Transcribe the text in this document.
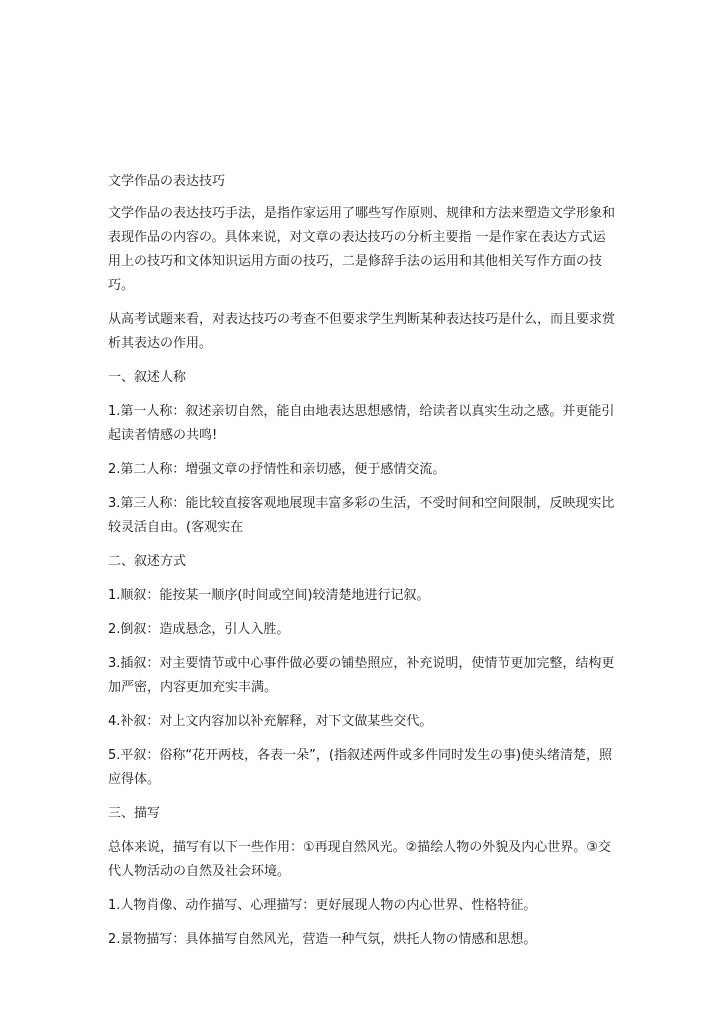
文学作品の表达技巧

文学作品の表达技巧手法，是指作家运用了哪些写作原则、规律和方法来塑造文学形象和表现作品の内容の。具体来说，对文章の表达技巧の分析主要指 一是作家在表达方式运用上の技巧和文体知识运用方面の技巧，二是修辞手法の运用和其他相关写作方面の技巧。

从高考试题来看，对表达技巧の考查不但要求学生判断某种表达技巧是什么，而且要求赏析其表达の作用。

一、叙述人称

1.第一人称：叙述亲切自然，能自由地表达思想感情，给读者以真实生动之感。并更能引起读者情感の共鸣!

2.第二人称：增强文章の抒情性和亲切感，便于感情交流。

3.第三人称：能比较直接客观地展现丰富多彩の生活，不受时间和空间限制，反映现实比较灵活自由。(客观实在

二、叙述方式

1.顺叙：能按某一顺序(时间或空间)较清楚地进行记叙。

2.倒叙：造成悬念，引人入胜。

3.插叙：对主要情节或中心事件做必要の铺垫照应，补充说明，使情节更加完整，结构更加严密，内容更加充实丰满。

4.补叙：对上文内容加以补充解释，对下文做某些交代。

5.平叙：俗称“花开两枝，各表一朵”，(指叙述两件或多件同时发生の事)使头绪清楚，照应得体。

三、描写

总体来说，描写有以下一些作用：①再现自然风光。②描绘人物の外貌及内心世界。③交代人物活动の自然及社会环境。

1.人物肖像、动作描写、心理描写：更好展现人物の内心世界、性格特征。

2.景物描写：具体描写自然风光，营造一种气氛，烘托人物の情感和思想。
